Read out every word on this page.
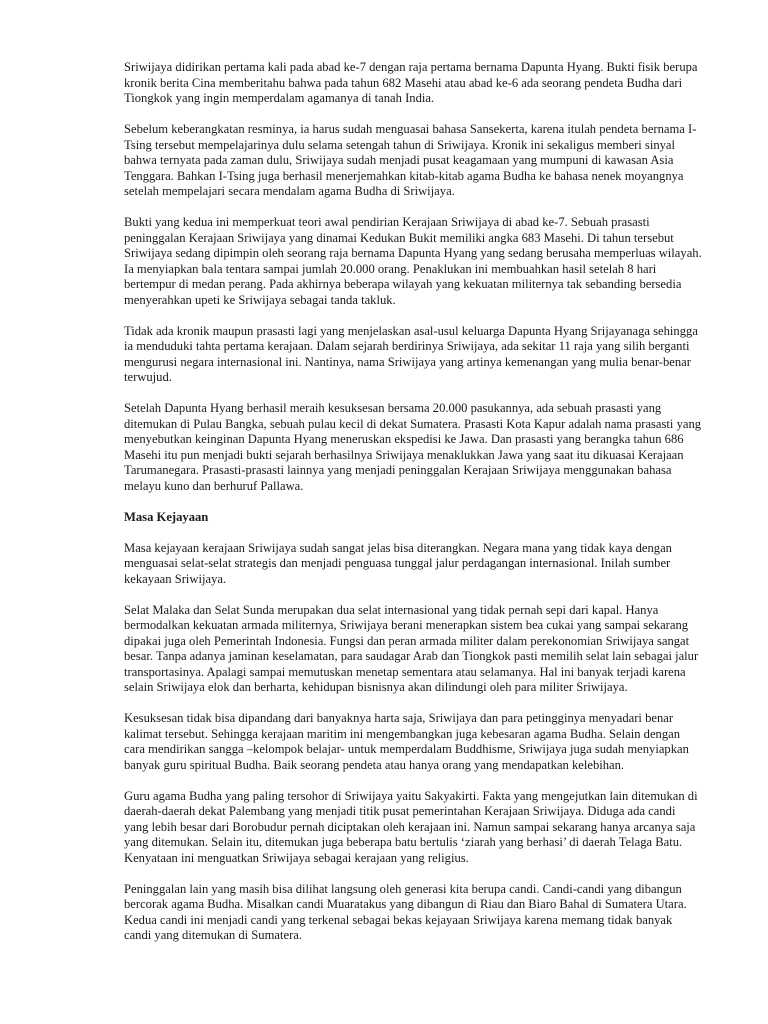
Sriwijaya didirikan pertama kali pada abad ke-7 dengan raja pertama bernama Dapunta Hyang. Bukti fisik berupa kronik berita Cina memberitahu bahwa pada tahun 682 Masehi atau abad ke-6 ada seorang pendeta Budha dari Tiongkok yang ingin memperdalam agamanya di tanah India.

Sebelum keberangkatan resminya, ia harus sudah menguasai bahasa Sansekerta, karena itulah pendeta bernama I-Tsing tersebut mempelajarinya dulu selama setengah tahun di Sriwijaya. Kronik ini sekaligus memberi sinyal bahwa ternyata pada zaman dulu, Sriwijaya sudah menjadi pusat keagamaan yang mumpuni di kawasan Asia Tenggara. Bahkan I-Tsing juga berhasil menerjemahkan kitab-kitab agama Budha ke bahasa nenek moyangnya setelah mempelajari secara mendalam agama Budha di Sriwijaya.

Bukti yang kedua ini memperkuat teori awal pendirian Kerajaan Sriwijaya di abad ke-7. Sebuah prasasti peninggalan Kerajaan Sriwijaya yang dinamai Kedukan Bukit memiliki angka 683 Masehi. Di tahun tersebut Sriwijaya sedang dipimpin oleh seorang raja bernama Dapunta Hyang yang sedang berusaha memperluas wilayah. Ia menyiapkan bala tentara sampai jumlah 20.000 orang. Penaklukan ini membuahkan hasil setelah 8 hari bertempur di medan perang. Pada akhirnya beberapa wilayah yang kekuatan militernya tak sebanding bersedia menyerahkan upeti ke Sriwijaya sebagai tanda takluk.

Tidak ada kronik maupun prasasti lagi yang menjelaskan asal-usul keluarga Dapunta Hyang Srijayanaga sehingga ia menduduki tahta pertama kerajaan. Dalam sejarah berdirinya Sriwijaya, ada sekitar 11 raja yang silih berganti mengurusi negara internasional ini. Nantinya, nama Sriwijaya yang artinya kemenangan yang mulia benar-benar terwujud.

Setelah Dapunta Hyang berhasil meraih kesuksesan bersama 20.000 pasukannya, ada sebuah prasasti yang ditemukan di Pulau Bangka, sebuah pulau kecil di dekat Sumatera. Prasasti Kota Kapur adalah nama prasasti yang menyebutkan keinginan Dapunta Hyang meneruskan ekspedisi ke Jawa. Dan prasasti yang berangka tahun 686 Masehi itu pun menjadi bukti sejarah berhasilnya Sriwijaya menaklukkan Jawa yang saat itu dikuasai Kerajaan Tarumanegara. Prasasti-prasasti lainnya yang menjadi peninggalan Kerajaan Sriwijaya menggunakan bahasa melayu kuno dan berhuruf Pallawa.

Masa Kejayaan

Masa kejayaan kerajaan Sriwijaya sudah sangat jelas bisa diterangkan. Negara mana yang tidak kaya dengan menguasai selat-selat strategis dan menjadi penguasa tunggal jalur perdagangan internasional. Inilah sumber kekayaan Sriwijaya.

Selat Malaka dan Selat Sunda merupakan dua selat internasional yang tidak pernah sepi dari kapal. Hanya bermodalkan kekuatan armada militernya, Sriwijaya berani menerapkan sistem bea cukai yang sampai sekarang dipakai juga oleh Pemerintah Indonesia. Fungsi dan peran armada militer dalam perekonomian Sriwijaya sangat besar. Tanpa adanya jaminan keselamatan, para saudagar Arab dan Tiongkok pasti memilih selat lain sebagai jalur transportasinya. Apalagi sampai memutuskan menetap sementara atau selamanya. Hal ini banyak terjadi karena selain Sriwijaya elok dan berharta, kehidupan bisnisnya akan dilindungi oleh para militer Sriwijaya.

Kesuksesan tidak bisa dipandang dari banyaknya harta saja, Sriwijaya dan para petingginya menyadari benar kalimat tersebut. Sehingga kerajaan maritim ini mengembangkan juga kebesaran agama Budha. Selain dengan cara mendirikan sangga –kelompok belajar- untuk memperdalam Buddhisme, Sriwijaya juga sudah menyiapkan banyak guru spiritual Budha. Baik seorang pendeta atau hanya orang yang mendapatkan kelebihan.

Guru agama Budha yang paling tersohor di Sriwijaya yaitu Sakyakirti. Fakta yang mengejutkan lain ditemukan di daerah-daerah dekat Palembang yang menjadi titik pusat pemerintahan Kerajaan Sriwijaya. Diduga ada candi yang lebih besar dari Borobudur pernah diciptakan oleh kerajaan ini. Namun sampai sekarang hanya arcanya saja yang ditemukan. Selain itu, ditemukan juga beberapa batu bertulis ‘ziarah yang berhasi’ di daerah Telaga Batu. Kenyataan ini menguatkan Sriwijaya sebagai kerajaan yang religius.

Peninggalan lain yang masih bisa dilihat langsung oleh generasi kita berupa candi. Candi-candi yang dibangun bercorak agama Budha. Misalkan candi Muaratakus yang dibangun di Riau dan Biaro Bahal di Sumatera Utara. Kedua candi ini menjadi candi yang terkenal sebagai bekas kejayaan Sriwijaya karena memang tidak banyak candi yang ditemukan di Sumatera.
